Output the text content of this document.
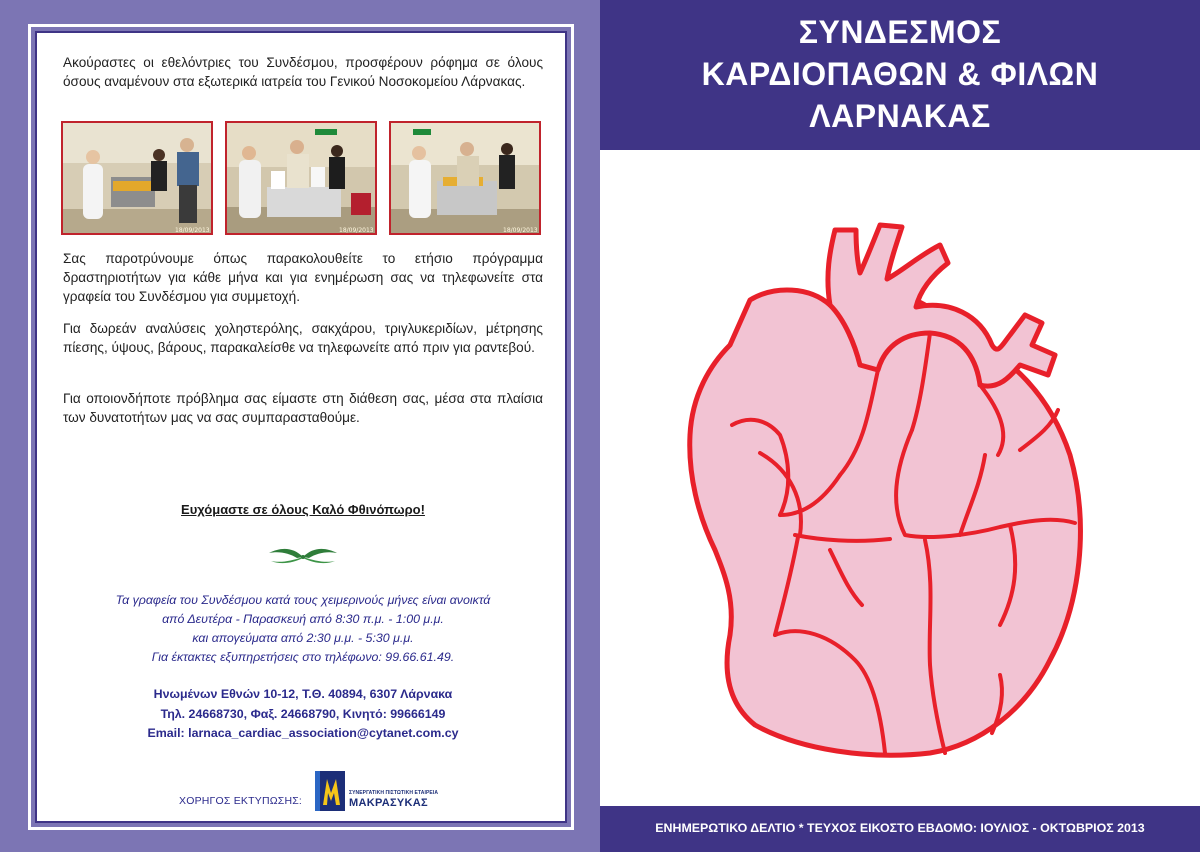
Ακούραστες οι εθελόντριες του Συνδέσμου, προσφέρουν ρόφημα σε όλους όσους αναμένουν στα εξωτερικά ιατρεία του Γενικού Νοσοκομείου Λάρνακας.

18/09/2013	18/09/2013	18/09/2013

Σας παροτρύνουμε όπως παρακολουθείτε το ετήσιο πρόγραμμα δραστηριοτήτων για κάθε μήνα και για ενημέρωση σας να τηλεφωνείτε στα γραφεία του Συνδέσμου για συμμετοχή.

Για δωρεάν αναλύσεις χοληστερόλης, σακχάρου, τριγλυκεριδίων, μέτρησης πίεσης, ύψους, βάρους, παρακαλείσθε να τηλεφωνείτε από πριν για ραντεβού.

Για οποιονδήποτε πρόβλημα σας είμαστε στη διάθεση σας, μέσα στα πλαίσια των δυνατοτήτων μας να σας συμπαρασταθούμε.

Ευχόμαστε σε όλους Καλό Φθινόπωρο!
Τα γραφεία του Συνδέσμου κατά τους χειμερινούς μήνες είναι ανοικτά
από Δευτέρα - Παρασκευή από 8:30 π.μ. - 1:00 μ.μ.
και απογεύματα από 2:30 μ.μ. - 5:30 μ.μ.
Για έκτακτες εξυπηρετήσεις στο τηλέφωνο: 99.66.61.49.
Ηνωμένων Εθνών 10-12, Τ.Θ. 40894, 6307 Λάρνακα
Τηλ. 24668730, Φαξ. 24668790, Κινητό: 99666149
Email: larnaca_cardiac_association@cytanet.com.cy
ΧΟΡΗΓΟΣ ΕΚΤΥΠΩΣΗΣ:
ΣΥΝΕΡΓΑΤΙΚΗ ΠΙΣΤΩΤΙΚΗ ΕΤΑΙΡΕΙΑ
ΜΑΚΡΑΣΥΚΑΣ
ΣΥΝΔΕΣΜΟΣ
ΚΑΡΔΙΟΠΑΘΩΝ & ΦΙΛΩΝ
ΛΑΡΝΑΚΑΣ
ΕΝΗΜΕΡΩΤΙΚΟ ΔΕΛΤΙΟ * ΤΕΥΧΟΣ ΕΙΚΟΣΤΟ ΕΒΔΟΜΟ: ΙΟΥΛΙΟΣ - ΟΚΤΩΒΡΙΟΣ 2013
